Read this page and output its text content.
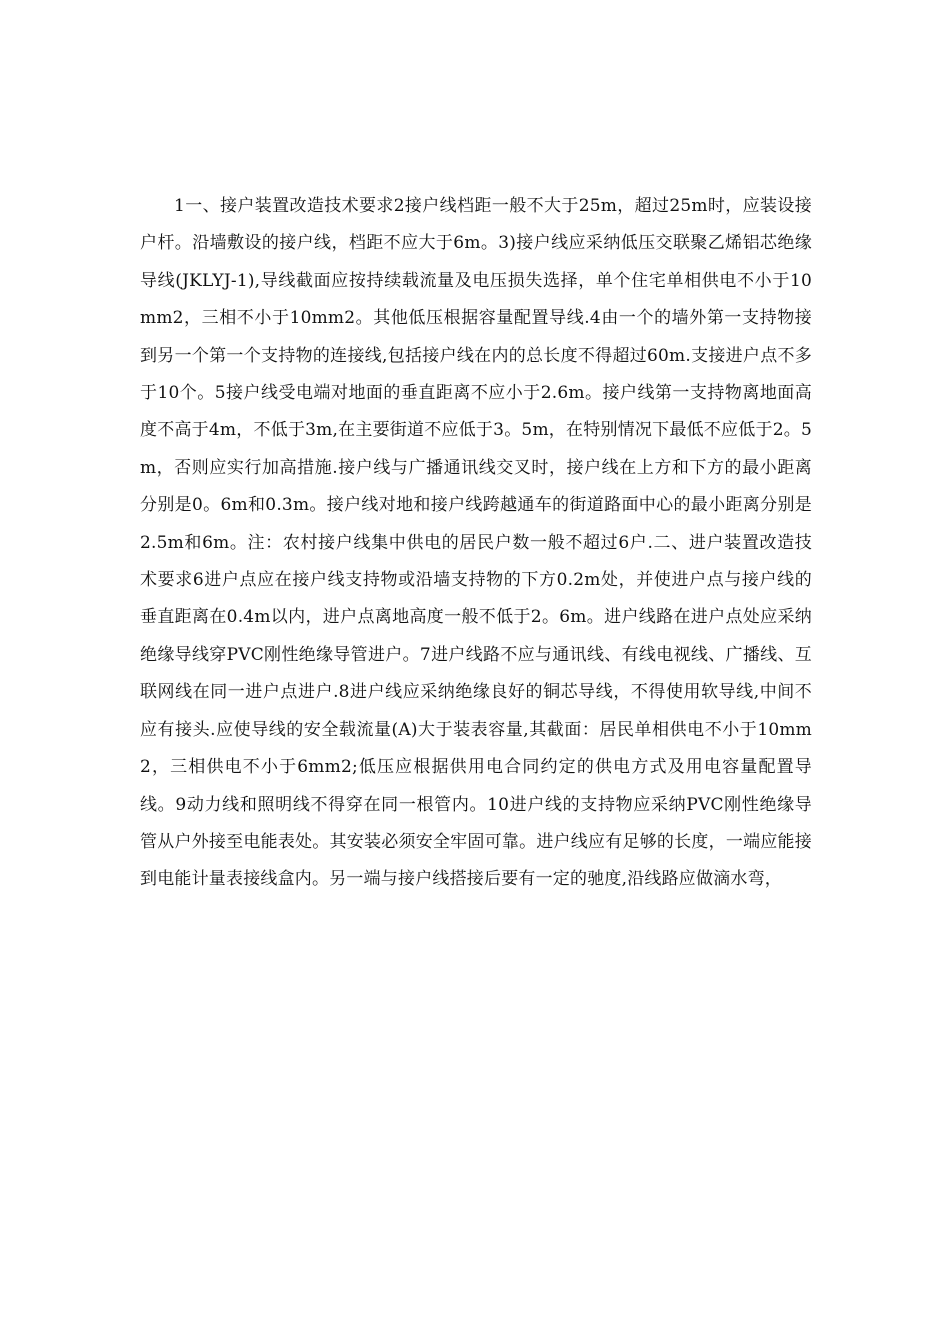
1一、接户装置改造技术要求2接户线档距一般不大于25m，超过25m时，应装设接户杆。沿墙敷设的接户线，档距不应大于6m。3)接户线应采纳低压交联聚乙烯铝芯绝缘导线(JKLYJ-1),导线截面应按持续载流量及电压损失选择，单个住宅单相供电不小于10mm2，三相不小于10mm2。其他低压根据容量配置导线.4由一个的墙外第一支持物接到另一个第一个支持物的连接线,包括接户线在内的总长度不得超过60m.支接进户点不多于10个。5接户线受电端对地面的垂直距离不应小于2.6m。接户线第一支持物离地面高度不高于4m，不低于3m,在主要街道不应低于3。5m，在特别情况下最低不应低于2。5m，否则应实行加高措施.接户线与广播通讯线交叉时，接户线在上方和下方的最小距离分别是0。6m和0.3m。接户线对地和接户线跨越通车的街道路面中心的最小距离分别是2.5m和6m。注：农村接户线集中供电的居民户数一般不超过6户.二、进户装置改造技术要求6进户点应在接户线支持物或沿墙支持物的下方0.2m处，并使进户点与接户线的垂直距离在0.4m以内，进户点离地高度一般不低于2。6m。进户线路在进户点处应采纳绝缘导线穿PVC刚性绝缘导管进户。7进户线路不应与通讯线、有线电视线、广播线、互联网线在同一进户点进户.8进户线应采纳绝缘良好的铜芯导线，不得使用软导线,中间不应有接头.应使导线的安全载流量(A)大于装表容量,其截面：居民单相供电不小于10mm2，三相供电不小于6mm2;低压应根据供用电合同约定的供电方式及用电容量配置导线。9动力线和照明线不得穿在同一根管内。10进户线的支持物应采纳PVC刚性绝缘导管从户外接至电能表处。其安装必须安全牢固可靠。进户线应有足够的长度，一端应能接到电能计量表接线盒内。另一端与接户线搭接后要有一定的驰度,沿线路应做滴水弯，
